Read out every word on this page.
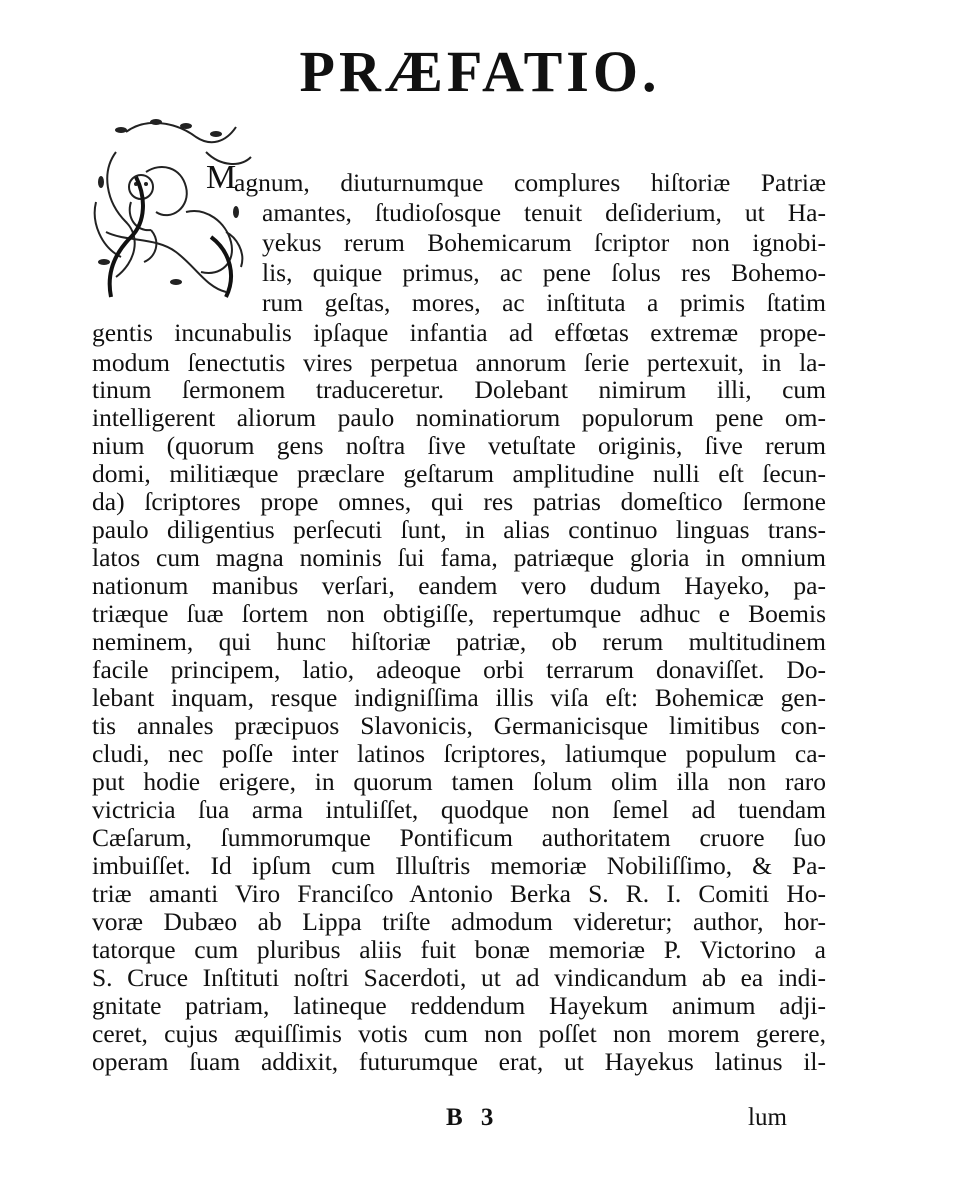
PRÆFATIO.
M
agnum, diuturnumque complures hiſtoriæ Patriæ
amantes, ſtudioſosque tenuit deſiderium, ut Ha-
yekus rerum Bohemicarum ſcriptor non ignobi-
lis, quique primus, ac pene ſolus res Bohemo-
rum geſtas, mores, ac inſtituta a primis ſtatim
gentis incunabulis ipſaque infantia ad effœtas extremæ prope-
modum ſenectutis vires perpetua annorum ſerie pertexuit, in la-
tinum ſermonem traduceretur. Dolebant nimirum illi, cum
intelligerent aliorum paulo nominatiorum populorum pene om-
nium (quorum gens noſtra ſive vetuſtate originis, ſive rerum
domi, militiæque præclare geſtarum amplitudine nulli eſt ſecun-
da) ſcriptores prope omnes, qui res patrias domeſtico ſermone
paulo diligentius perſecuti ſunt, in alias continuo linguas trans-
latos cum magna nominis ſui fama, patriæque gloria in omnium
nationum manibus verſari, eandem vero dudum Hayeko, pa-
triæque ſuæ ſortem non obtigiſſe, repertumque adhuc e Boemis
neminem, qui hunc hiſtoriæ patriæ, ob rerum multitudinem
facile principem, latio, adeoque orbi terrarum donaviſſet. Do-
lebant inquam, resque indigniſſima illis viſa eſt: Bohemicæ gen-
tis annales præcipuos Slavonicis, Germanicisque limitibus con-
cludi, nec poſſe inter latinos ſcriptores, latiumque populum ca-
put hodie erigere, in quorum tamen ſolum olim illa non raro
victricia ſua arma intuliſſet, quodque non ſemel ad tuendam
Cæſarum, ſummorumque Pontificum authoritatem cruore ſuo
imbuiſſet. Id ipſum cum Illuſtris memoriæ Nobiliſſimo, & Pa-
triæ amanti Viro Franciſco Antonio Berka S. R. I. Comiti Ho-
voræ Dubæo ab Lippa triſte admodum videretur; author, hor-
tatorque cum pluribus aliis fuit bonæ memoriæ P. Victorino a
S. Cruce Inſtituti noſtri Sacerdoti, ut ad vindicandum ab ea indi-
gnitate patriam, latineque reddendum Hayekum animum adji-
ceret, cujus æquiſſimis votis cum non poſſet non morem gerere,
operam ſuam addixit, futurumque erat, ut Hayekus latinus il-
B 3	lum
